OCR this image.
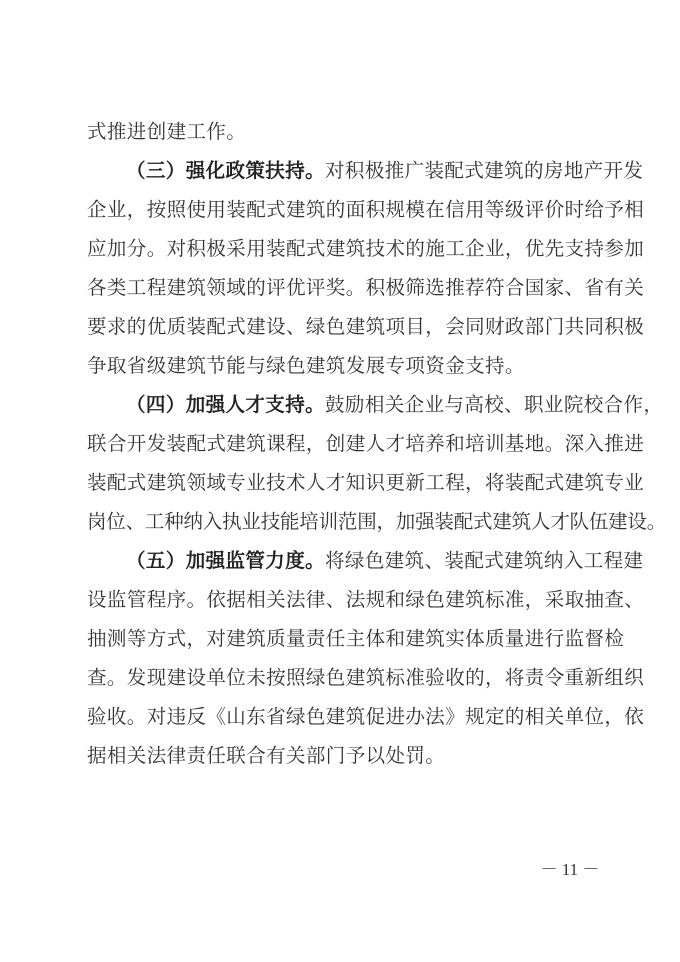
式推进创建工作。
（三）强化政策扶持。对积极推广装配式建筑的房地产开发
企业，按照使用装配式建筑的面积规模在信用等级评价时给予相
应加分。对积极采用装配式建筑技术的施工企业，优先支持参加
各类工程建筑领域的评优评奖。积极筛选推荐符合国家、省有关
要求的优质装配式建设、绿色建筑项目，会同财政部门共同积极
争取省级建筑节能与绿色建筑发展专项资金支持。
（四）加强人才支持。鼓励相关企业与高校、职业院校合作，
联合开发装配式建筑课程，创建人才培养和培训基地。深入推进
装配式建筑领域专业技术人才知识更新工程，将装配式建筑专业
岗位、工种纳入执业技能培训范围，加强装配式建筑人才队伍建设。
（五）加强监管力度。将绿色建筑、装配式建筑纳入工程建
设监管程序。依据相关法律、法规和绿色建筑标准，采取抽查、
抽测等方式，对建筑质量责任主体和建筑实体质量进行监督检
查。发现建设单位未按照绿色建筑标准验收的，将责令重新组织
验收。对违反《山东省绿色建筑促进办法》规定的相关单位，依
据相关法律责任联合有关部门予以处罚。
－ 11 －
